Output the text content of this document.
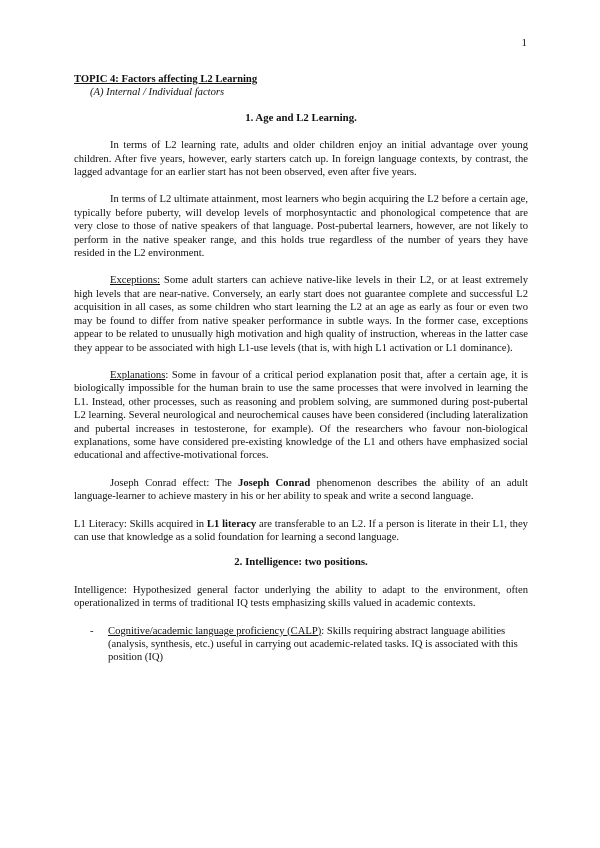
1

TOPIC 4: Factors affecting L2 Learning

(A) Internal / Individual factors

1. Age and L2 Learning.

In terms of L2 learning rate, adults and older children enjoy an initial advantage over young children. After five years, however, early starters catch up. In foreign language contexts, by contrast, the lagged advantage for an earlier start has not been observed, even after five years.

In terms of L2 ultimate attainment, most learners who begin acquiring the L2 before a certain age, typically before puberty, will develop levels of morphosyntactic and phonological competence that are very close to those of native speakers of that language. Post-pubertal learners, however, are not likely to perform in the native speaker range, and this holds true regardless of the number of years they have resided in the L2 environment.

Exceptions: Some adult starters can achieve native-like levels in their L2, or at least extremely high levels that are near-native. Conversely, an early start does not guarantee complete and successful L2 acquisition in all cases, as some children who start learning the L2 at an age as early as four or even two may be found to differ from native speaker performance in subtle ways. In the former case, exceptions appear to be related to unusually high motivation and high quality of instruction, whereas in the latter case they appear to be associated with high L1-use levels (that is, with high L1 activation or L1 dominance).

Explanations: Some in favour of a critical period explanation posit that, after a certain age, it is biologically impossible for the human brain to use the same processes that were involved in learning the L1. Instead, other processes, such as reasoning and problem solving, are summoned during post-pubertal L2 learning. Several neurological and neurochemical causes have been considered (including lateralization and pubertal increases in testosterone, for example). Of the researchers who favour non-biological explanations, some have considered pre-existing knowledge of the L1 and others have emphasized social educational and affective-motivational forces.

Joseph Conrad effect: The Joseph Conrad phenomenon describes the ability of an adult language-learner to achieve mastery in his or her ability to speak and write a second language.

L1 Literacy: Skills acquired in L1 literacy are transferable to an L2. If a person is literate in their L1, they can use that knowledge as a solid foundation for learning a second language.

2. Intelligence: two positions.

Intelligence: Hypothesized general factor underlying the ability to adapt to the environment, often operationalized in terms of traditional IQ tests emphasizing skills valued in academic contexts.

-	Cognitive/academic language proficiency (CALP): Skills requiring abstract language abilities (analysis, synthesis, etc.) useful in carrying out academic-related tasks. IQ is associated with this position (IQ)
